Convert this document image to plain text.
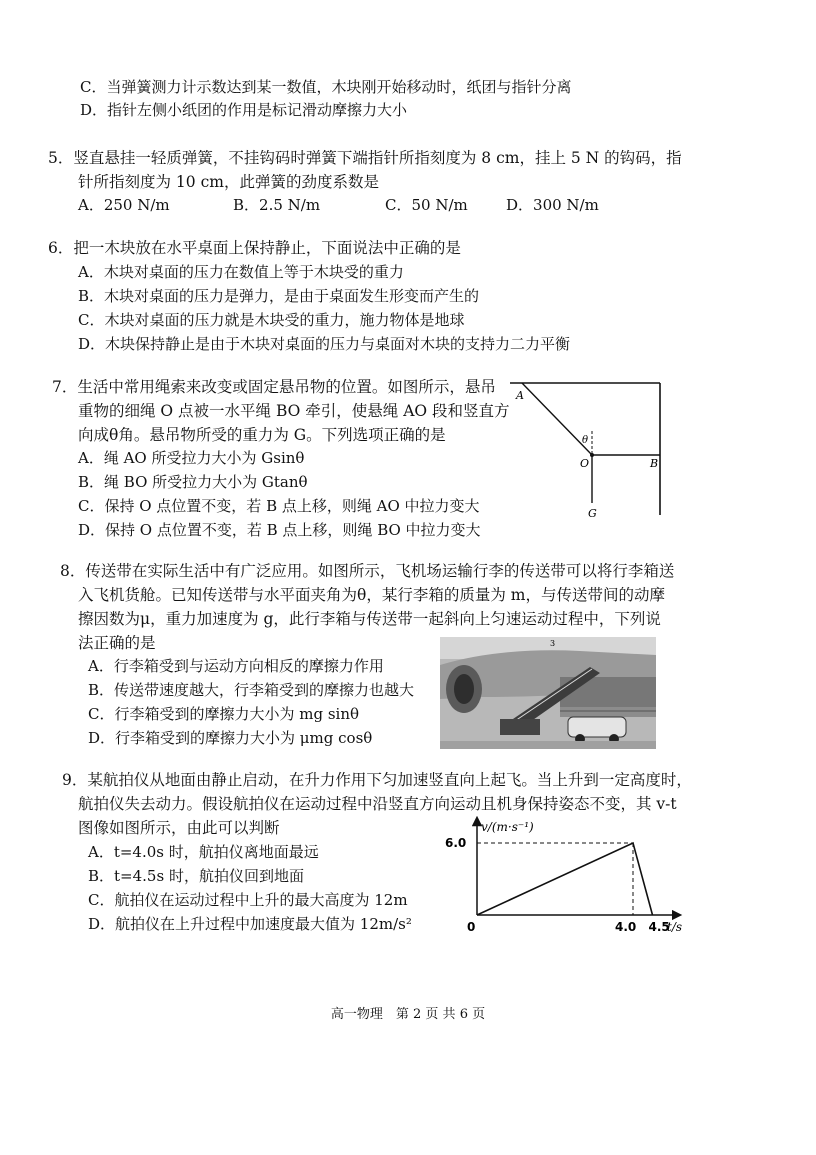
C．当弹簧测力计示数达到某一数值，木块刚开始移动时，纸团与指针分离
D．指针左侧小纸团的作用是标记滑动摩擦力大小
5．竖直悬挂一轻质弹簧，不挂钩码时弹簧下端指针所指刻度为 8 cm，挂上 5 N 的钩码，指
针所指刻度为 10 cm，此弹簧的劲度系数是
A．250 N/m	B．2.5 N/m	C．50 N/m	D．300 N/m
6．把一木块放在水平桌面上保持静止，下面说法中正确的是
A．木块对桌面的压力在数值上等于木块受的重力
B．木块对桌面的压力是弹力，是由于桌面发生形变而产生的
C．木块对桌面的压力就是木块受的重力，施力物体是地球
D．木块保持静止是由于木块对桌面的压力与桌面对木块的支持力二力平衡
7．生活中常用绳索来改变或固定悬吊物的位置。如图所示，悬吊
重物的细绳 O 点被一水平绳 BO 牵引，使悬绳 AO 段和竖直方
向成θ角。悬吊物所受的重力为 G。下列选项正确的是
A．绳 AO 所受拉力大小为 Gsinθ
B．绳 BO 所受拉力大小为 Gtanθ
C．保持 O 点位置不变，若 B 点上移，则绳 AO 中拉力变大
D．保持 O 点位置不变，若 B 点上移，则绳 BO 中拉力变大
A
O	B
G
θ
8．传送带在实际生活中有广泛应用。如图所示，飞机场运输行李的传送带可以将行李箱送
入飞机货舱。已知传送带与水平面夹角为θ，某行李箱的质量为 m，与传送带间的动摩
擦因数为μ，重力加速度为 g，此行李箱与传送带一起斜向上匀速运动过程中，下列说
法正确的是
A．行李箱受到与运动方向相反的摩擦力作用
B．传送带速度越大，行李箱受到的摩擦力也越大
C．行李箱受到的摩擦力大小为 mg sinθ
D．行李箱受到的摩擦力大小为 μmg cosθ
3
9．某航拍仪从地面由静止启动，在升力作用下匀加速竖直向上起飞。当上升到一定高度时，
航拍仪失去动力。假设航拍仪在运动过程中沿竖直方向运动且机身保持姿态不变，其 v-t
图像如图所示，由此可以判断
A．t=4.0s 时，航拍仪离地面最远
B．t=4.5s 时，航拍仪回到地面
C．航拍仪在运动过程中上升的最大高度为 12m
D．航拍仪在上升过程中加速度最大值为 12m/s²
v/(m·s⁻¹)
t/s
0
6.0
4.0 4.5
高一物理　第 2 页 共 6 页
